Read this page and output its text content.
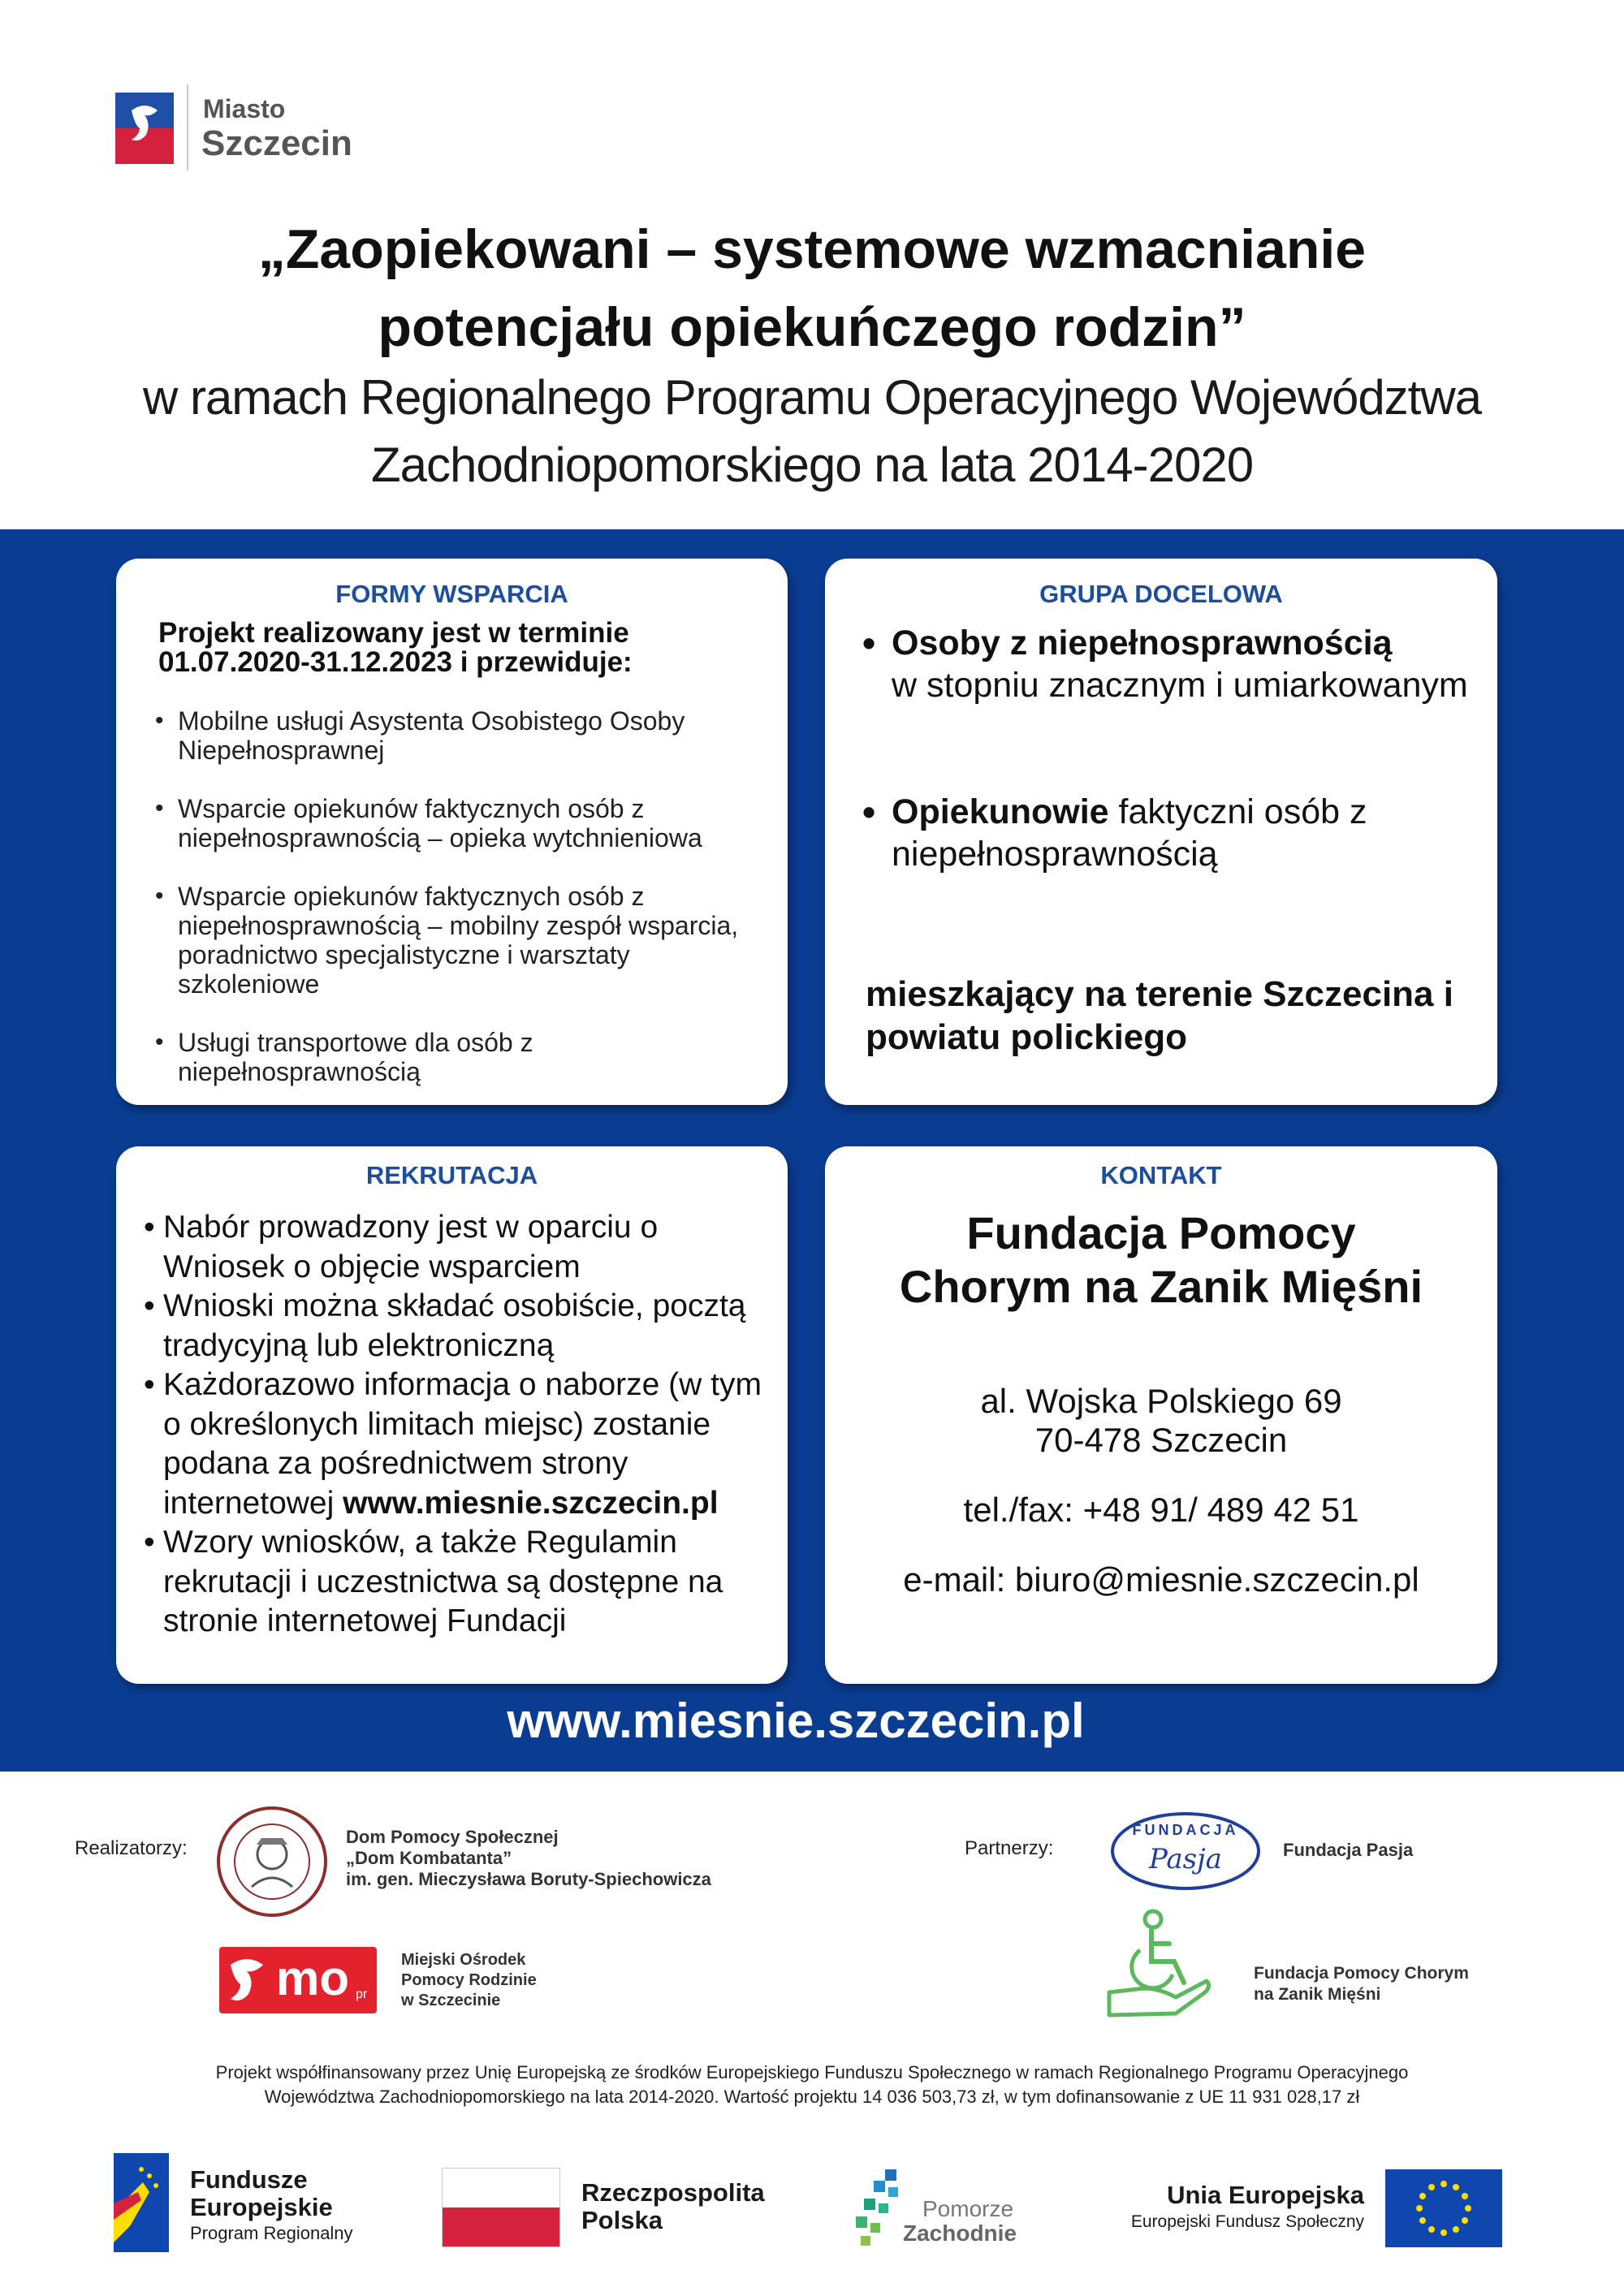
Miasto
Szczecin
„Zaopiekowani – systemowe wzmacnianie
potencjału opiekuńczego rodzin”
w ramach Regionalnego Programu Operacyjnego Województwa
Zachodniopomorskiego na lata 2014-2020
FORMY WSPARCIA
Projekt realizowany jest w terminie
01.07.2020-31.12.2023 i przewiduje:
• Mobilne usługi Asystenta Osobistego Osoby Niepełnosprawnej
• Wsparcie opiekunów faktycznych osób z niepełnosprawnością – opieka wytchnieniowa
• Wsparcie opiekunów faktycznych osób z niepełnosprawnością – mobilny zespół wsparcia, poradnictwo specjalistyczne i warsztaty szkoleniowe
• Usługi transportowe dla osób z niepełnosprawnością
GRUPA DOCELOWA
• Osoby z niepełnosprawnością
w stopniu znacznym i umiarkowanym
• Opiekunowie faktyczni osób z niepełnosprawnością
mieszkający na terenie Szczecina i powiatu polickiego
REKRUTACJA
• Nabór prowadzony jest w oparciu o Wniosek o objęcie wsparciem
• Wnioski można składać osobiście, pocztą tradycyjną lub elektroniczną
• Każdorazowo informacja o naborze (w tym o określonych limitach miejsc) zostanie podana za pośrednictwem strony internetowej www.miesnie.szczecin.pl
• Wzory wniosków, a także Regulamin rekrutacji i uczestnictwa są dostępne na stronie internetowej Fundacji
KONTAKT
Fundacja Pomocy
Chorym na Zanik Mięśni
al. Wojska Polskiego 69
70-478 Szczecin
tel./fax: +48 91/ 489 42 51
e-mail: biuro@miesnie.szczecin.pl
www.miesnie.szczecin.pl
Realizatorzy:
Dom Pomocy Społecznej
„Dom Kombatanta”
im. gen. Mieczysława Boruty-Spiechowicza
Partnerzy:
FUNDACJA
Pasja	Fundacja Pasja
mo pr
Miejski Ośrodek
Pomocy Rodzinie
w Szczecinie
Fundacja Pomocy Chorym
na Zanik Mięśni
Projekt współfinansowany przez Unię Europejską ze środków Europejskiego Funduszu Społecznego w ramach Regionalnego Programu Operacyjnego
Województwa Zachodniopomorskiego na lata 2014-2020. Wartość projektu 14 036 503,73 zł, w tym dofinansowanie z UE 11 931 028,17 zł
Fundusze
Europejskie
Program Regionalny
Rzeczpospolita
Polska	Pomorze
Zachodnie
Unia Europejska
Europejski Fundusz Społeczny
